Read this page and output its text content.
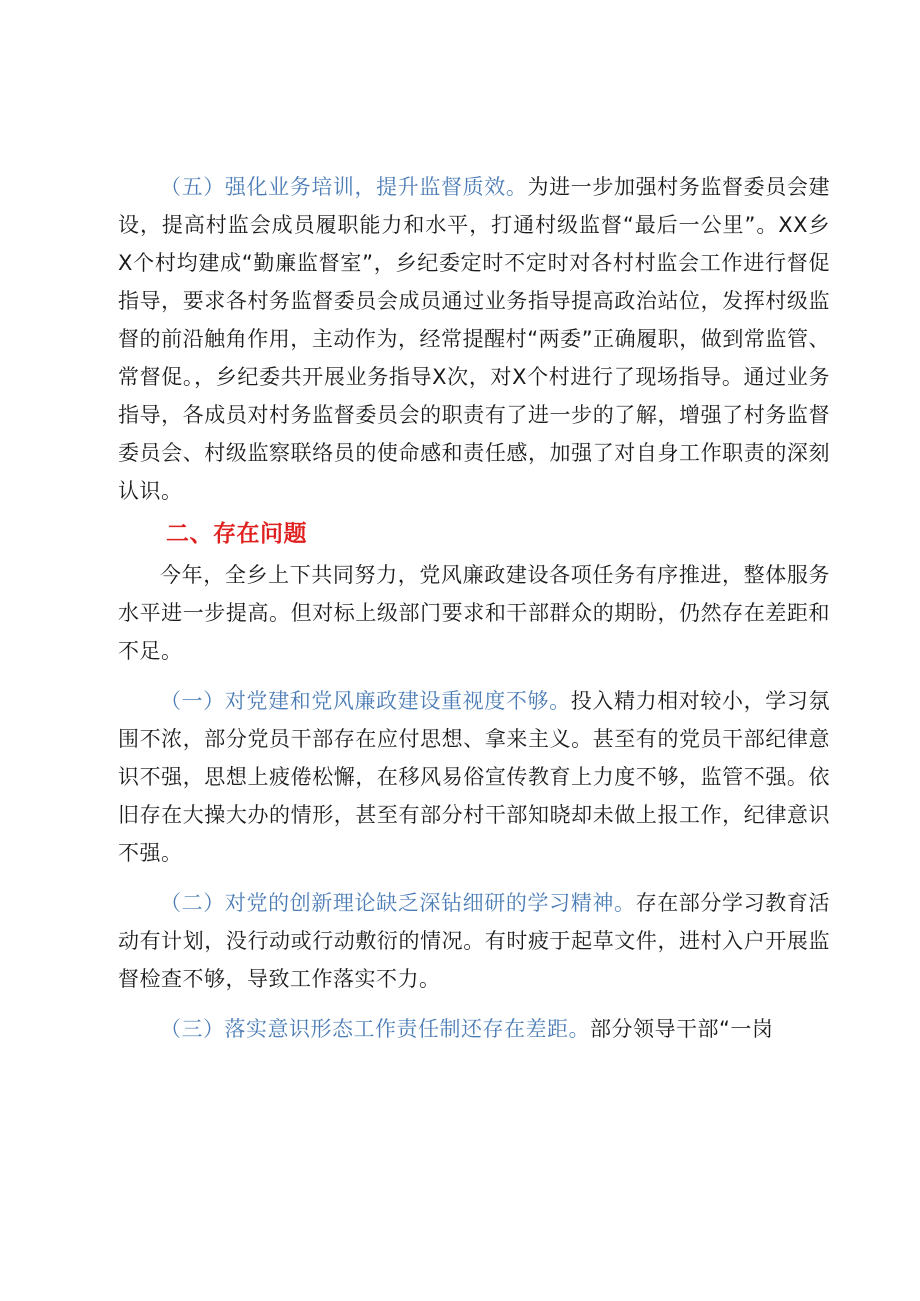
（五）强化业务培训，提升监督质效。为进一步加强村务监督委员会建设，提高村监会成员履职能力和水平，打通村级监督“最后一公里”。XX乡X个村均建成“勤廉监督室”，乡纪委定时不定时对各村村监会工作进行督促指导，要求各村务监督委员会成员通过业务指导提高政治站位，发挥村级监督的前沿触角作用，主动作为，经常提醒村“两委”正确履职，做到常监管、常督促。，乡纪委共开展业务指导X次，对X个村进行了现场指导。通过业务指导，各成员对村务监督委员会的职责有了进一步的了解，增强了村务监督委员会、村级监察联络员的使命感和责任感，加强了对自身工作职责的深刻认识。

二、存在问题

今年，全乡上下共同努力，党风廉政建设各项任务有序推进，整体服务水平进一步提高。但对标上级部门要求和干部群众的期盼，仍然存在差距和不足。

（一）对党建和党风廉政建设重视度不够。投入精力相对较小，学习氛围不浓，部分党员干部存在应付思想、拿来主义。甚至有的党员干部纪律意识不强，思想上疲倦松懈，在移风易俗宣传教育上力度不够，监管不强。依旧存在大操大办的情形，甚至有部分村干部知晓却未做上报工作，纪律意识不强。

（二）对党的创新理论缺乏深钻细研的学习精神。存在部分学习教育活动有计划，没行动或行动敷衍的情况。有时疲于起草文件，进村入户开展监督检查不够，导致工作落实不力。

（三）落实意识形态工作责任制还存在差距。部分领导干部“一岗
